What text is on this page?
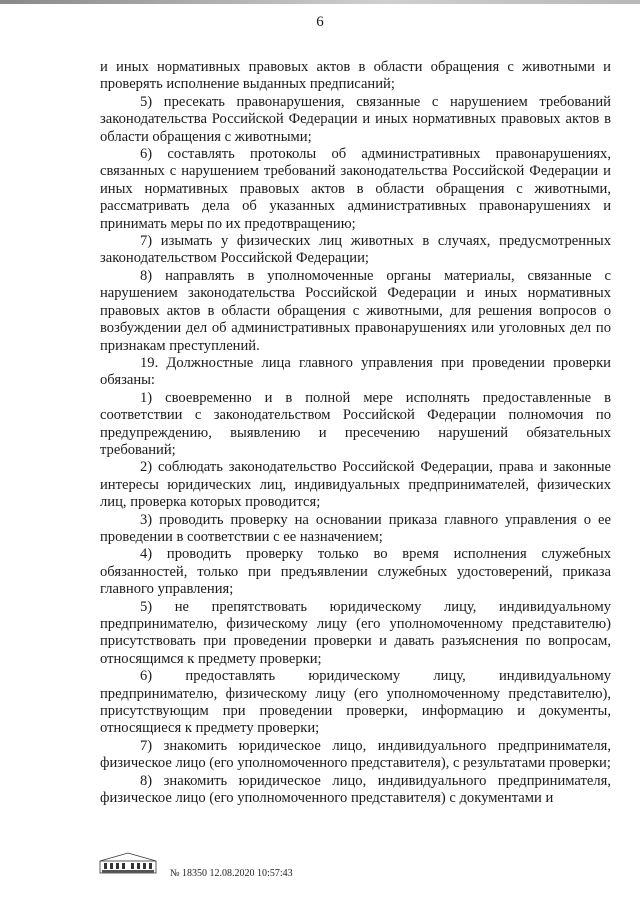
6

и иных нормативных правовых актов в области обращения с животными и проверять исполнение выданных предписаний;

5) пресекать правонарушения, связанные с нарушением требований законодательства Российской Федерации и иных нормативных правовых актов в области обращения с животными;

6) составлять протоколы об административных правонарушениях, связанных с нарушением требований законодательства Российской Федерации и иных нормативных правовых актов в области обращения с животными, рассматривать дела об указанных административных правонарушениях и принимать меры по их предотвращению;

7) изымать у физических лиц животных в случаях, предусмотренных законодательством Российской Федерации;

8) направлять в уполномоченные органы материалы, связанные с нарушением законодательства Российской Федерации и иных нормативных правовых актов в области обращения с животными, для решения вопросов о возбуждении дел об административных правонарушениях или уголовных дел по признакам преступлений.

19. Должностные лица главного управления при проведении проверки обязаны:

1) своевременно и в полной мере исполнять предоставленные в соответствии с законодательством Российской Федерации полномочия по предупреждению, выявлению и пресечению нарушений обязательных требований;

2) соблюдать законодательство Российской Федерации, права и законные интересы юридических лиц, индивидуальных предпринимателей, физических лиц, проверка которых проводится;

3) проводить проверку на основании приказа главного управления о ее проведении в соответствии с ее назначением;

4) проводить проверку только во время исполнения служебных обязанностей, только при предъявлении служебных удостоверений, приказа главного управления;

5) не препятствовать юридическому лицу, индивидуальному предпринимателю, физическому лицу (его уполномоченному представителю) присутствовать при проведении проверки и давать разъяснения по вопросам, относящимся к предмету проверки;

6) предоставлять юридическому лицу, индивидуальному предпринимателю, физическому лицу (его уполномоченному представителю), присутствующим при проведении проверки, информацию и документы, относящиеся к предмету проверки;

7) знакомить юридическое лицо, индивидуального предпринимателя, физическое лицо (его уполномоченного представителя), с результатами проверки;

8) знакомить юридическое лицо, индивидуального предпринимателя, физическое лицо (его уполномоченного представителя) с документами и

№ 18350 12.08.2020 10:57:43
